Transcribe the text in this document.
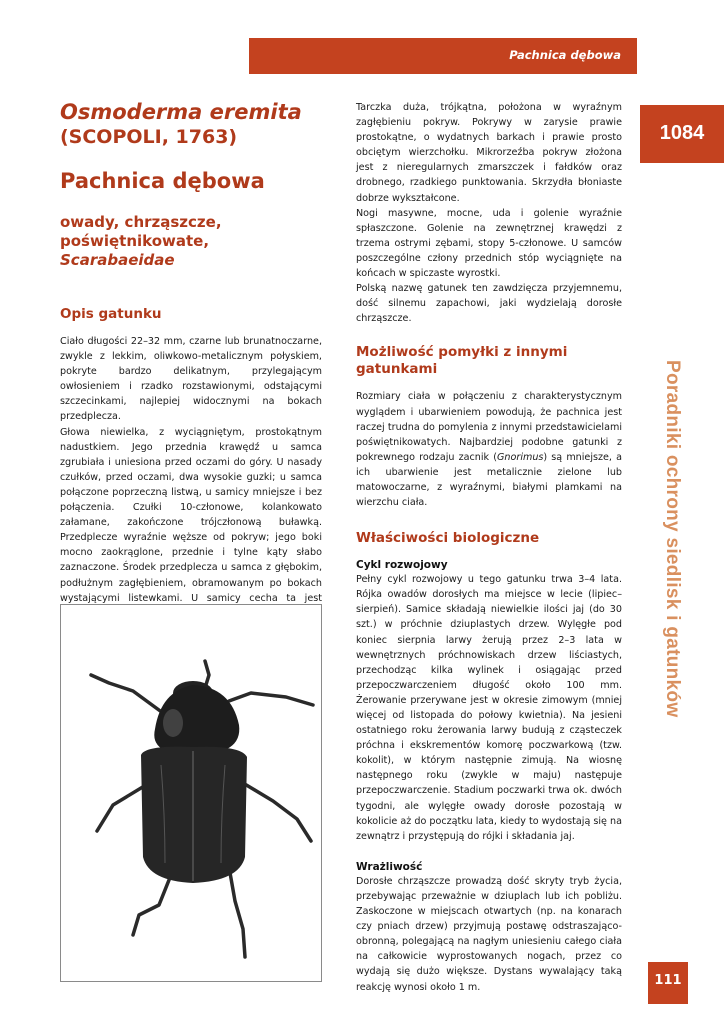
Pachnica dębowa
1084
Poradniki ochrony siedlisk i gatunków
111
Osmoderma eremita
(SCOPOLI, 1763)
Pachnica dębowa
owady, chrząszcze,
poświętnikowate,
Scarabaeidae
Opis gatunku

Ciało długości 22–32 mm, czarne lub brunatnoczarne, zwykle z lekkim, oliwkowo-metalicznym połyskiem, pokryte bardzo delikatnym, przylegającym owłosieniem i rzadko rozstawionymi, odstającymi szczecinkami, najlepiej widocznymi na bokach przedplecza.

Głowa niewielka, z wyciągniętym, prostokątnym nadustkiem. Jego przednia krawędź u samca zgrubiała i uniesiona przed oczami do góry. U nasady czułków, przed oczami, dwa wysokie guzki; u samca połączone poprzeczną listwą, u samicy mniejsze i bez połączenia. Czułki 10-członowe, kolankowato załamane, zakończone trójczłonową buławką. Przedplecze wyraźnie węższe od pokryw; jego boki mocno zaokrąglone, przednie i tylne kąty słabo zaznaczone. Środek przedplecza u samca z głębokim, podłużnym zagłębieniem, obramowanym po bokach wystającymi listewkami. U samicy cecha ta jest

Tarczka duża, trójkątna, położona w wyraźnym zagłębieniu pokryw. Pokrywy w zarysie prawie prostokątne, o wydatnych barkach i prawie prosto obciętym wierzchołku. Mikrorzeźba pokryw złożona jest z nieregularnych zmarszczek i fałdków oraz drobnego, rzadkiego punktowania. Skrzydła błoniaste dobrze wykształcone.

Nogi masywne, mocne, uda i golenie wyraźnie spłaszczone. Golenie na zewnętrznej krawędzi z trzema ostrymi zębami, stopy 5-członowe. U samców poszczególne człony przednich stóp wyciągnięte na końcach w spiczaste wyrostki.

Polską nazwę gatunek ten zawdzięcza przyjemnemu, dość silnemu zapachowi, jaki wydzielają dorosłe chrząszcze.

Możliwość pomyłki z innymi gatunkami

Rozmiary ciała w połączeniu z charakterystycznym wyglądem i ubarwieniem powodują, że pachnica jest raczej trudna do pomylenia z innymi przedstawicielami poświętnikowatych. Najbardziej podobne gatunki z pokrewnego rodzaju zacnik (Gnorimus) są mniejsze, a ich ubarwienie jest metalicznie zielone lub matowoczarne, z wyraźnymi, białymi plamkami na wierzchu ciała.

Właściwości biologiczne
Cykl rozwojowy

Pełny cykl rozwojowy u tego gatunku trwa 3–4 lata. Rójka owadów dorosłych ma miejsce w lecie (lipiec–sierpień). Samice składają niewielkie ilości jaj (do 30 szt.) w próchnie dziuplastych drzew. Wylęgłe pod koniec sierpnia larwy żerują przez 2–3 lata w wewnętrznych próchnowiskach drzew liściastych, przechodząc kilka wylinek i osiągając przed przepoczwarczeniem długość około 100 mm. Żerowanie przerywane jest w okresie zimowym (mniej więcej od listopada do połowy kwietnia). Na jesieni ostatniego roku żerowania larwy budują z cząsteczek próchna i ekskrementów komorę poczwarkową (tzw. kokolit), w którym następnie zimują. Na wiosnę następnego roku (zwykle w maju) następuje przepoczwarczenie. Stadium poczwarki trwa ok. dwóch tygodni, ale wylęgłe owady dorosłe pozostają w kokolicie aż do początku lata, kiedy to wydostają się na zewnątrz i przystępują do rójki i składania jaj.

Wrażliwość

Dorosłe chrząszcze prowadzą dość skryty tryb życia, przebywając przeważnie w dziuplach lub ich pobliżu. Zaskoczone w miejscach otwartych (np. na konarach czy pniach drzew) przyjmują postawę odstraszająco-obronną, polegającą na nagłym uniesieniu całego ciała na całkowicie wyprostowanych nogach, przez co wydają się dużo większe. Dystans wywalający taką reakcję wynosi około 1 m.
